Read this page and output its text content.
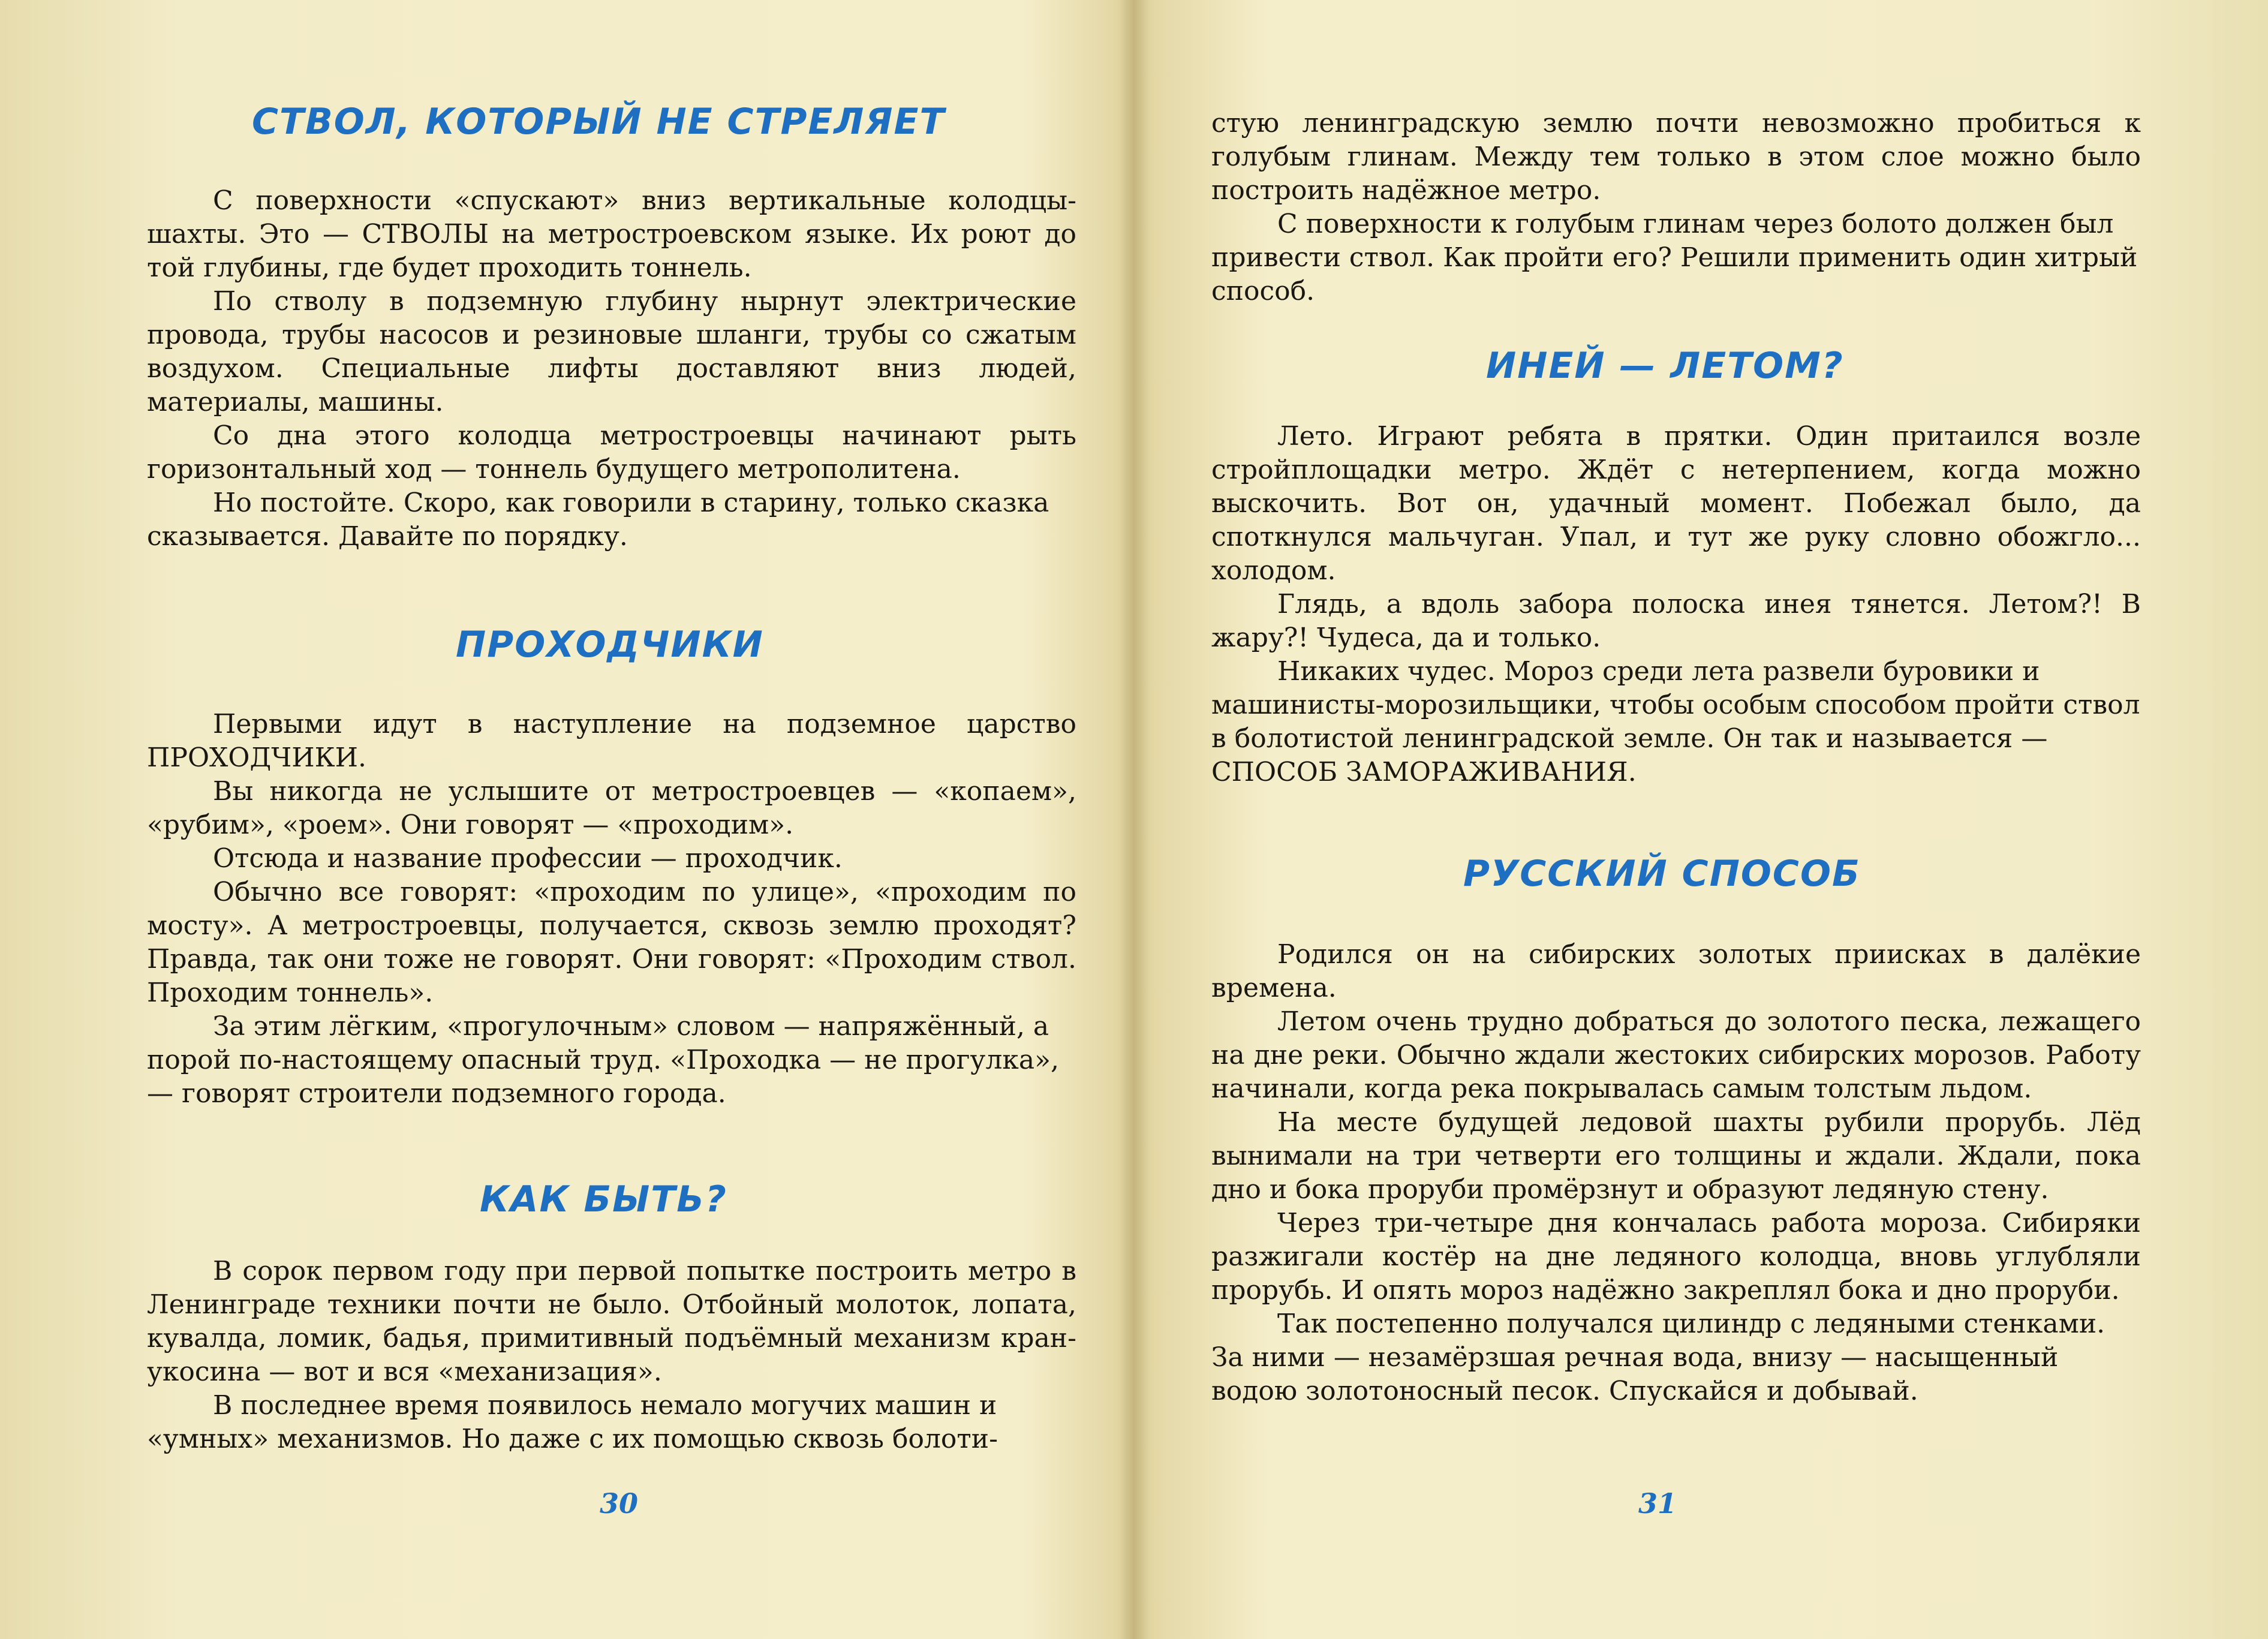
СТВОЛ, КОТОРЫЙ НЕ СТРЕЛЯЕТ

С поверхности «спускают» вниз вертикальные колодцы-шахты. Это — СТВОЛЫ на метростроевском языке. Их роют до той глубины, где будет проходить тоннель.

По стволу в подземную глубину нырнут электрические провода, трубы насосов и резиновые шланги, трубы со сжатым воздухом. Специальные лифты доставляют вниз людей, материалы, машины.

Со дна этого колодца метростроевцы начинают рыть горизонтальный ход — тоннель будущего метрополитена.

Но постойте. Скоро, как говорили в старину, только сказка сказывается. Давайте по порядку.

ПРОХОДЧИКИ

Первыми идут в наступление на подземное царство ПРОХОДЧИКИ.

Вы никогда не услышите от метростроевцев — «копаем», «рубим», «роем». Они говорят — «проходим».

Отсюда и название профессии — проходчик.

Обычно все говорят: «проходим по улице», «проходим по мосту». А метростроевцы, получается, сквозь землю проходят? Правда, так они тоже не говорят. Они говорят: «Проходим ствол. Проходим тоннель».

За этим лёгким, «прогулочным» словом — напряжённый, а порой по-настоящему опасный труд. «Проходка — не прогулка», — говорят строители подземного города.

КАК БЫТЬ?

В сорок первом году при первой попытке построить метро в Ленинграде техники почти не было. Отбойный молоток, лопата, кувалда, ломик, бадья, примитивный подъёмный механизм кран-укосина — вот и вся «механизация».

В последнее время появилось немало могучих машин и «умных» механизмов. Но даже с их помощью сквозь болоти-

30

стую ленинградскую землю почти невозможно пробиться к голубым глинам. Между тем только в этом слое можно было построить надёжное метро.

С поверхности к голубым глинам через болото должен был привести ствол. Как пройти его? Решили применить один хитрый способ.

ИНЕЙ — ЛЕТОМ?

Лето. Играют ребята в прятки. Один притаился возле стройплощадки метро. Ждёт с нетерпением, когда можно выскочить. Вот он, удачный момент. Побежал было, да споткнулся мальчуган. Упал, и тут же руку словно обожгло... холодом.

Глядь, а вдоль забора полоска инея тянется. Летом?! В жару?! Чудеса, да и только.

Никаких чудес. Мороз среди лета развели буровики и машинисты-морозильщики, чтобы особым способом пройти ствол в болотистой ленинградской земле. Он так и называется — СПОСОБ ЗАМОРАЖИВАНИЯ.

РУССКИЙ СПОСОБ

Родился он на сибирских золотых приисках в далёкие времена.

Летом очень трудно добраться до золотого песка, лежащего на дне реки. Обычно ждали жестоких сибирских морозов. Работу начинали, когда река покрывалась самым толстым льдом.

На месте будущей ледовой шахты рубили прорубь. Лёд вынимали на три четверти его толщины и ждали. Ждали, пока дно и бока проруби промёрзнут и образуют ледяную стену.

Через три-четыре дня кончалась работа мороза. Сибиряки разжигали костёр на дне ледяного колодца, вновь углубляли прорубь. И опять мороз надёжно закреплял бока и дно проруби.

Так постепенно получался цилиндр с ледяными стенками. За ними — незамёрзшая речная вода, внизу — насыщенный водою золотоносный песок. Спускайся и добывай.

31
